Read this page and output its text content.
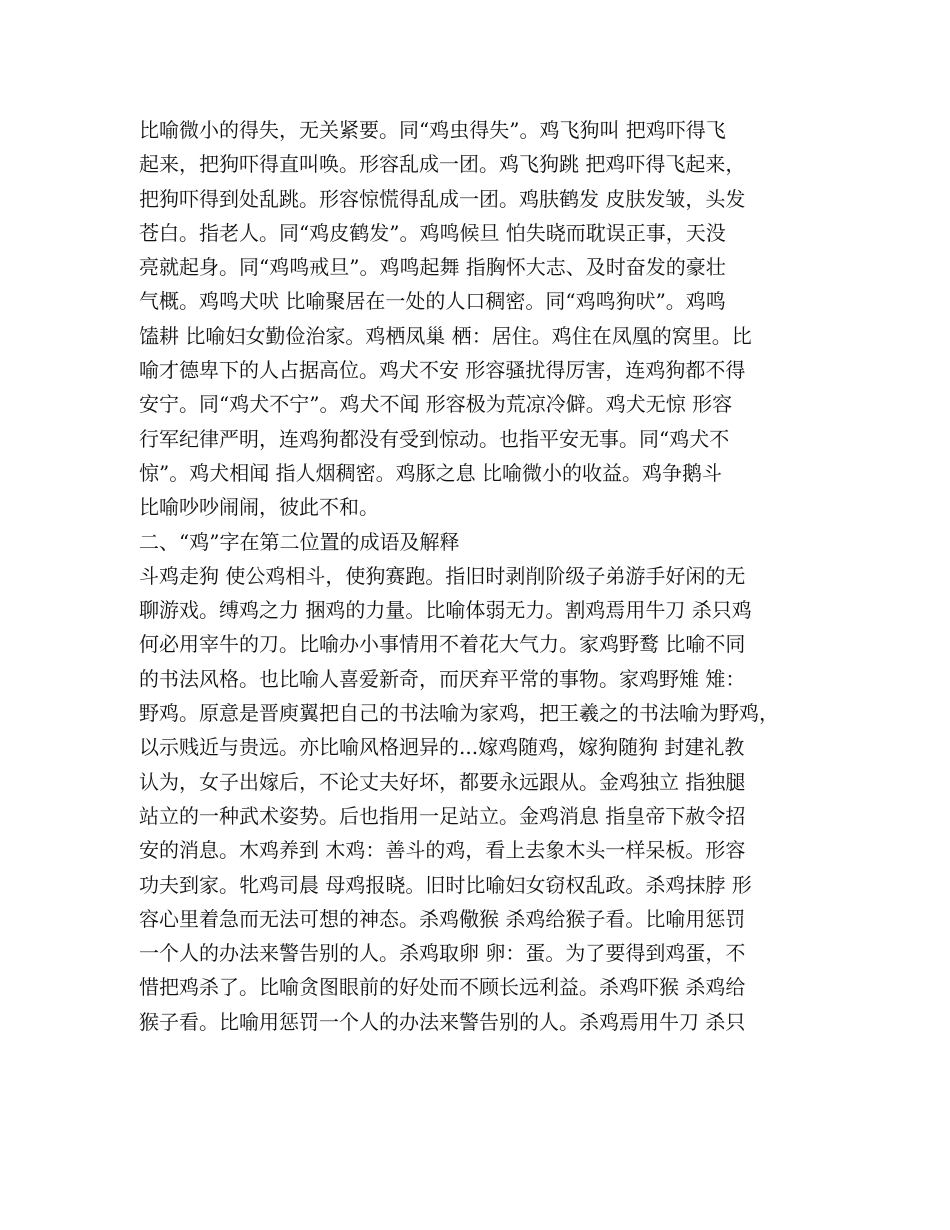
比喻微小的得失，无关紧要。同“鸡虫得失”。鸡飞狗叫 把鸡吓得飞
起来，把狗吓得直叫唤。形容乱成一团。鸡飞狗跳 把鸡吓得飞起来，
把狗吓得到处乱跳。形容惊慌得乱成一团。鸡肤鹤发 皮肤发皱，头发
苍白。指老人。同“鸡皮鹤发”。鸡鸣候旦 怕失晓而耽误正事，天没
亮就起身。同“鸡鸣戒旦”。鸡鸣起舞 指胸怀大志、及时奋发的豪壮
气概。鸡鸣犬吠 比喻聚居在一处的人口稠密。同“鸡鸣狗吠”。鸡鸣
馌耕 比喻妇女勤俭治家。鸡栖凤巢 栖：居住。鸡住在凤凰的窝里。比
喻才德卑下的人占据高位。鸡犬不安 形容骚扰得厉害，连鸡狗都不得
安宁。同“鸡犬不宁”。鸡犬不闻 形容极为荒凉冷僻。鸡犬无惊 形容
行军纪律严明，连鸡狗都没有受到惊动。也指平安无事。同“鸡犬不
惊”。鸡犬相闻 指人烟稠密。鸡豚之息 比喻微小的收益。鸡争鹅斗
比喻吵吵闹闹，彼此不和。
二、“鸡”字在第二位置的成语及解释
斗鸡走狗 使公鸡相斗，使狗赛跑。指旧时剥削阶级子弟游手好闲的无
聊游戏。缚鸡之力 捆鸡的力量。比喻体弱无力。割鸡焉用牛刀 杀只鸡
何必用宰牛的刀。比喻办小事情用不着花大气力。家鸡野鹜 比喻不同
的书法风格。也比喻人喜爱新奇，而厌弃平常的事物。家鸡野雉 雉：
野鸡。原意是晋庾翼把自己的书法喻为家鸡，把王羲之的书法喻为野鸡，
以示贱近与贵远。亦比喻风格迥异的...嫁鸡随鸡，嫁狗随狗 封建礼教
认为，女子出嫁后，不论丈夫好坏，都要永远跟从。金鸡独立 指独腿
站立的一种武术姿势。后也指用一足站立。金鸡消息 指皇帝下赦令招
安的消息。木鸡养到 木鸡：善斗的鸡，看上去象木头一样呆板。形容
功夫到家。牝鸡司晨 母鸡报晓。旧时比喻妇女窃权乱政。杀鸡抹脖 形
容心里着急而无法可想的神态。杀鸡儆猴 杀鸡给猴子看。比喻用惩罚
一个人的办法来警告别的人。杀鸡取卵 卵：蛋。为了要得到鸡蛋，不
惜把鸡杀了。比喻贪图眼前的好处而不顾长远利益。杀鸡吓猴 杀鸡给
猴子看。比喻用惩罚一个人的办法来警告别的人。杀鸡焉用牛刀 杀只
